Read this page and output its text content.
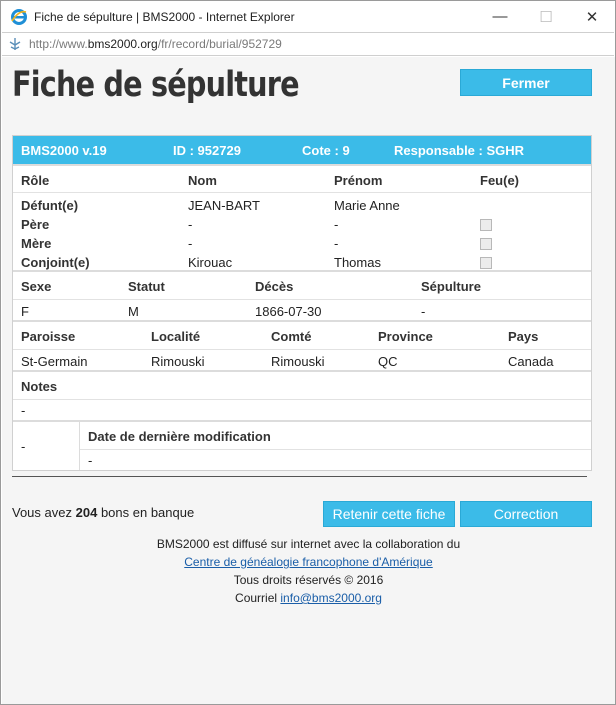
Fiche de sépulture | BMS2000 - Internet Explorer	—	☐	✕
http://www.bms2000.org/fr/record/burial/952729
Fiche de sépulture	Fermer
BMS2000 v.19	ID : 952729	Cote : 9	Responsable : SGHR
Rôle	Nom	Prénom	Feu(e)
Défunt(e)	JEAN-BART	Marie Anne
Père	-	-
Mère	-	-
Conjoint(e)	Kirouac	Thomas
Sexe	Statut	Décès	Sépulture
F	M	1866-07-30	-
Paroisse	Localité	Comté	Province	Pays
St-Germain	Rimouski	Rimouski	QC	Canada
Notes
-
-
Date de dernière modification
-
Vous avez 204 bons en banque	Retenir cette fiche	Correction
BMS2000 est diffusé sur internet avec la collaboration du
Centre de généalogie francophone d'Amérique
Tous droits réservés © 2016
Courriel info@bms2000.org
